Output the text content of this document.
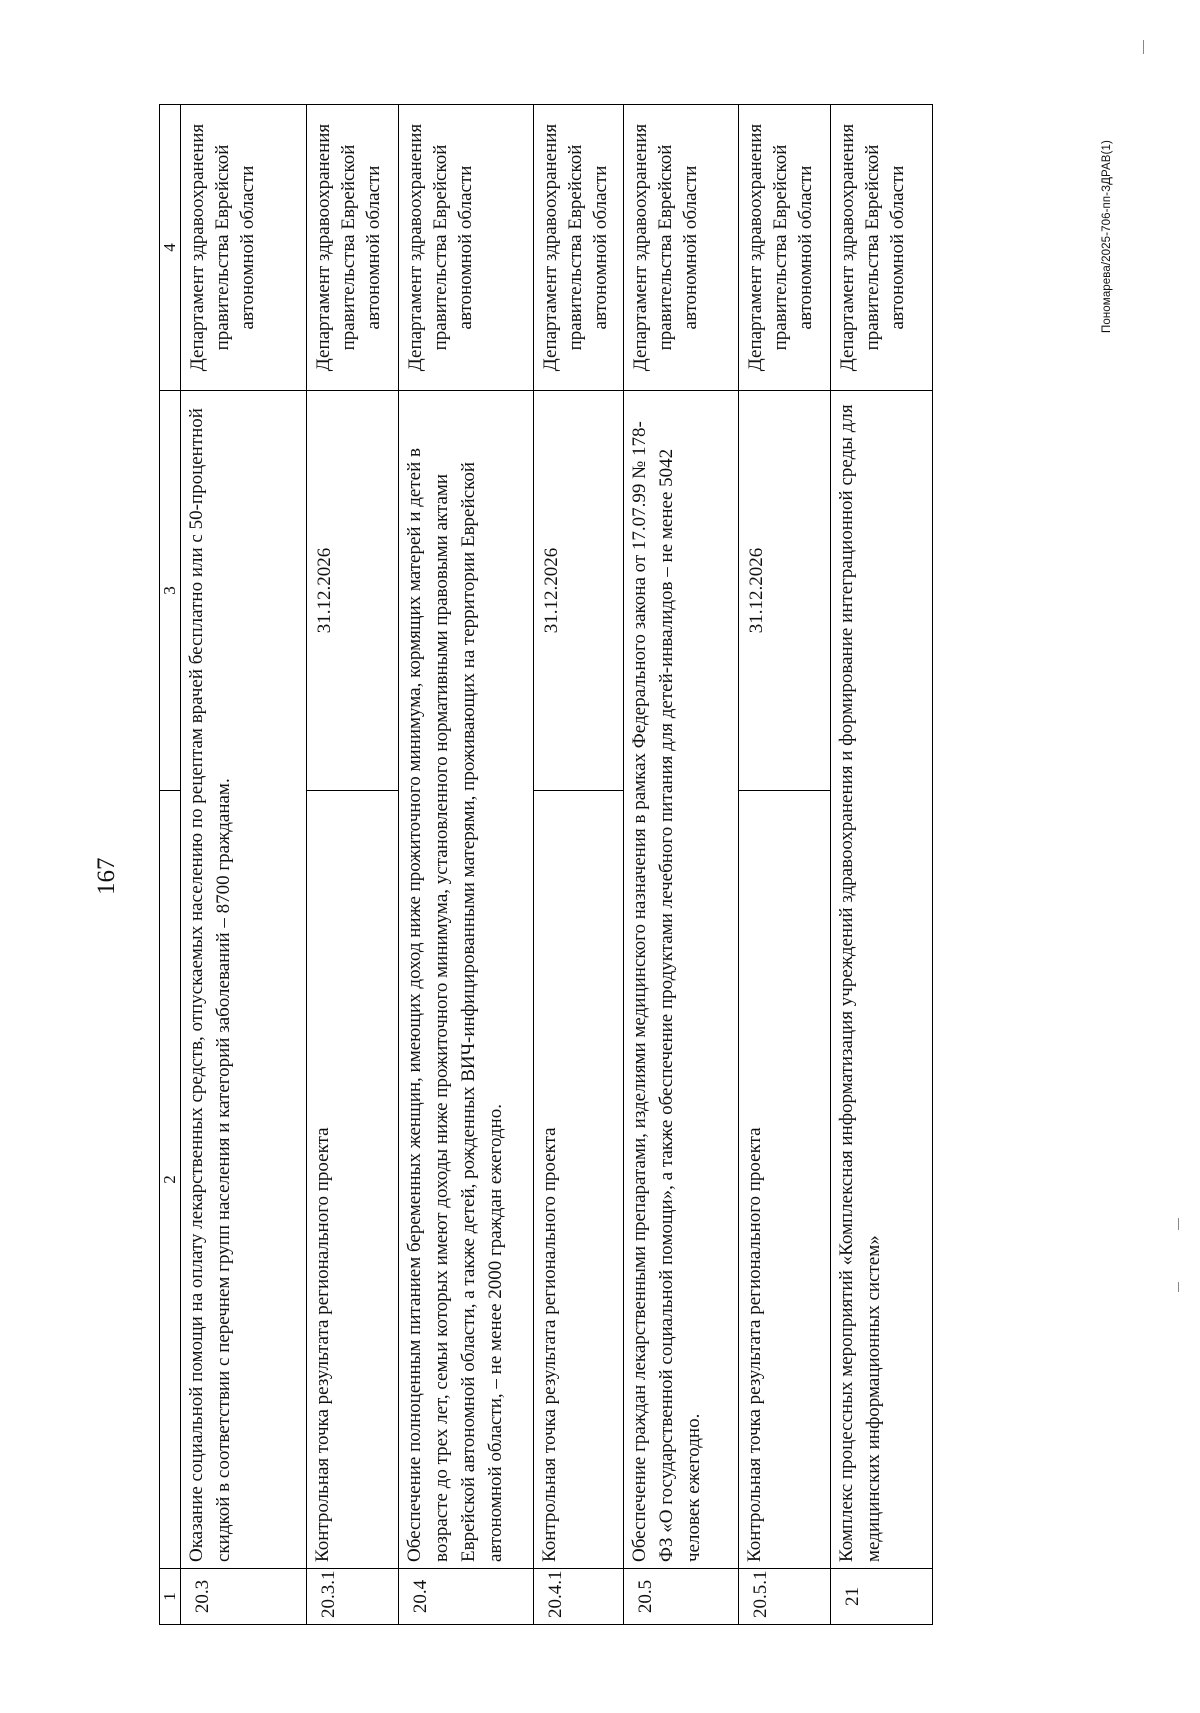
167
1	2	3	4
20.3	Оказание социальной помощи на оплату лекарственных средств, отпускаемых населению по рецептам врачей бесплатно или с 50-процентной скидкой в соответствии с перечнем групп населения и категорий заболеваний – 8700 гражданам.		Департамент здравоохранения правительства Еврейской автономной области
20.3.1	Контрольная точка результата регионального проекта	31.12.2026	Департамент здравоохранения правительства Еврейской автономной области
20.4	Обеспечение полноценным питанием беременных женщин, имеющих доход ниже прожиточного минимума, кормящих матерей и детей в возрасте до трех лет, семьи которых имеют доходы ниже прожиточного минимума, установленного нормативными правовыми актами Еврейской автономной области, а также детей, рожденных ВИЧ-инфицированными матерями, проживающих на территории Еврейской автономной области, – не менее 2000 граждан ежегодно.		Департамент здравоохранения правительства Еврейской автономной области
20.4.1	Контрольная точка результата регионального проекта	31.12.2026	Департамент здравоохранения правительства Еврейской автономной области
20.5	Обеспечение граждан лекарственными препаратами, изделиями медицинского назначения в рамках Федерального закона от 17.07.99 № 178-ФЗ «О государственной социальной помощи», а также обеспечение продуктами лечебного питания для детей-инвалидов – не менее 5042 человек ежегодно.		Департамент здравоохранения правительства Еврейской автономной области
20.5.1	Контрольная точка результата регионального проекта	31.12.2026	Департамент здравоохранения правительства Еврейской автономной области
21	Комплекс процессных мероприятий «Комплексная информатизация учреждений здравоохранения и формирование интеграционной среды для медицинских информационных систем»		Департамент здравоохранения правительства Еврейской автономной области	Пономарева/2025-706-пп-ЗДРАВ(1)
